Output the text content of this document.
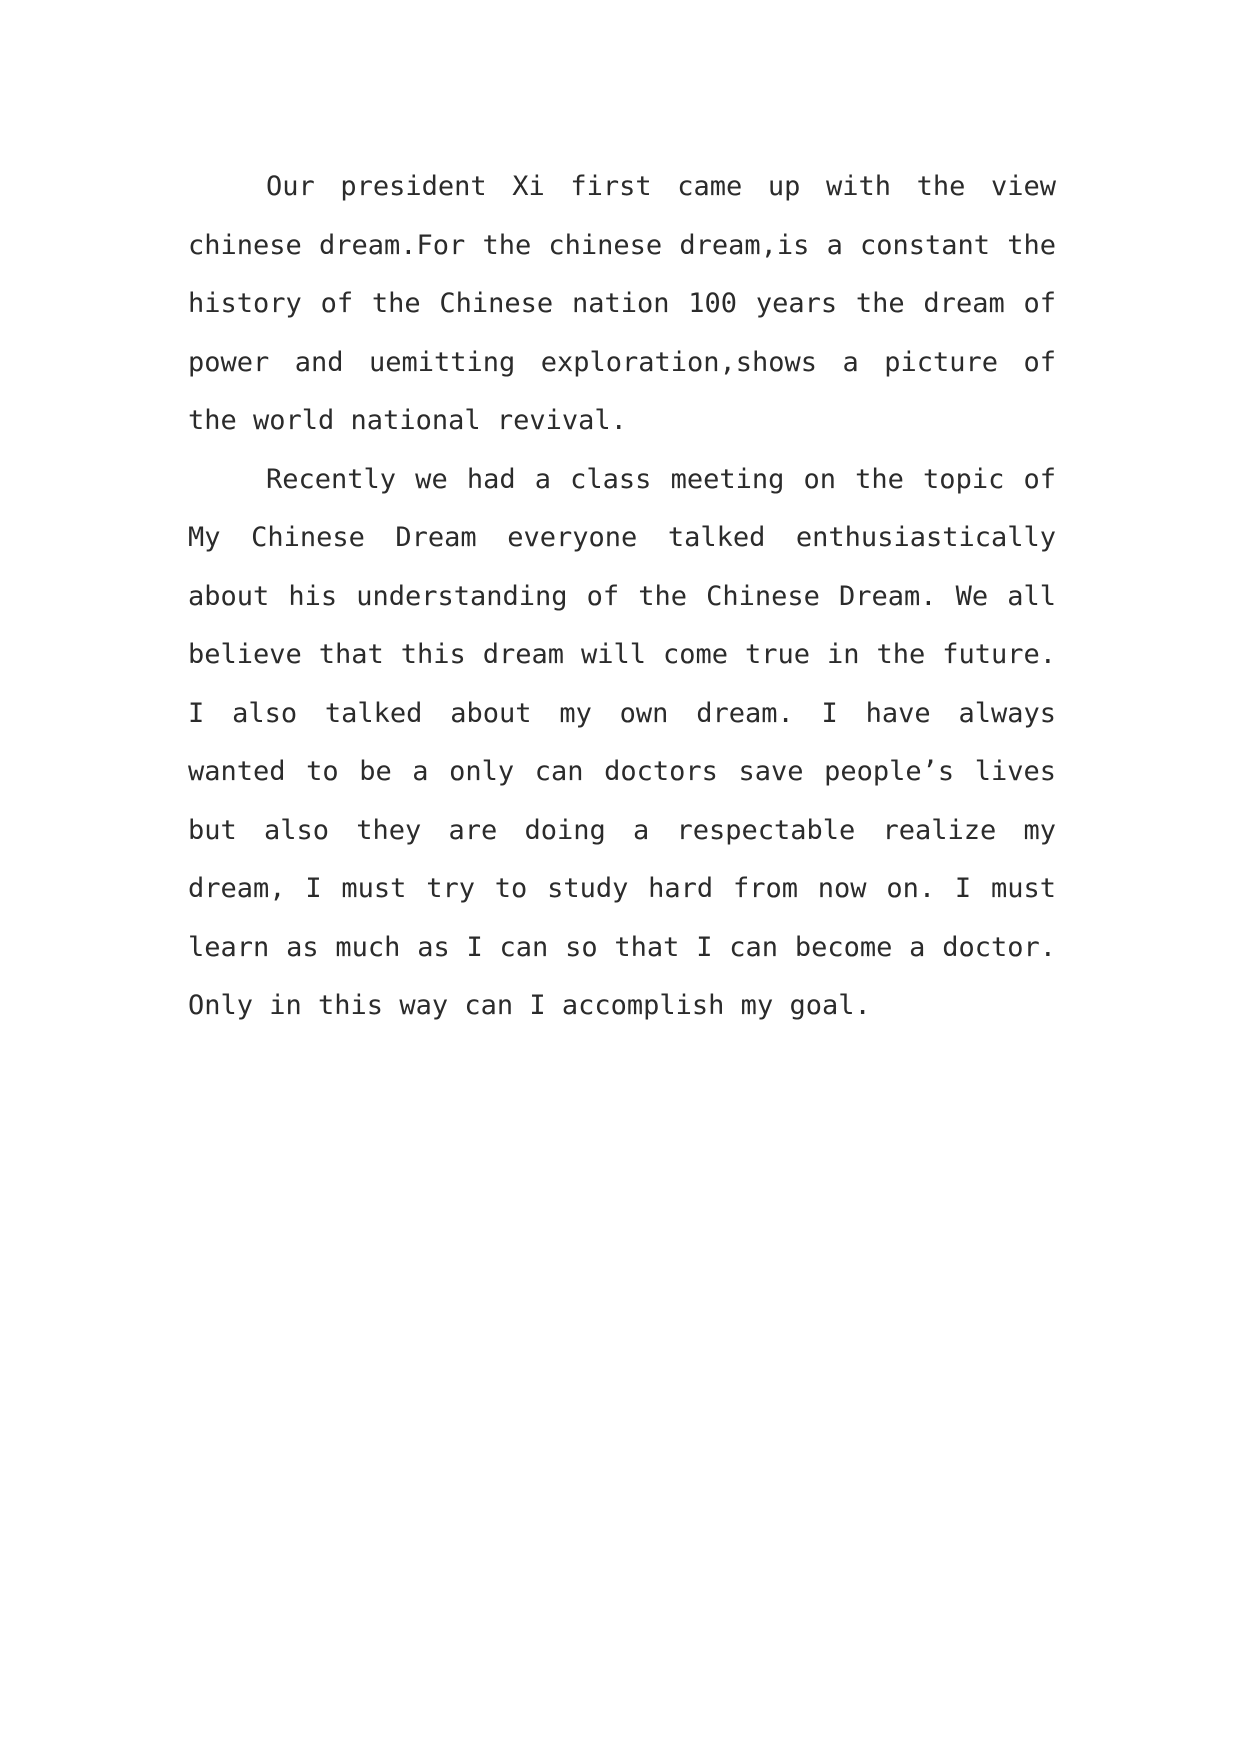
Our president Xi first came up with the view chinese dream.For the chinese dream,is a constant the history of the Chinese nation 100 years the dream of power and uemitting exploration,shows a picture of the world national revival.

Recently we had a class meeting on the topic of My Chinese Dream everyone talked enthusiastically about his understanding of the Chinese Dream. We all believe that this dream will come true in the future. I also talked about my own dream. I have always wanted to be a only can doctors save people’s lives but also they are doing a respectable realize my dream, I must try to study hard from now on. I must learn as much as I can so that I can become a doctor. Only in this way can I accomplish my goal.
